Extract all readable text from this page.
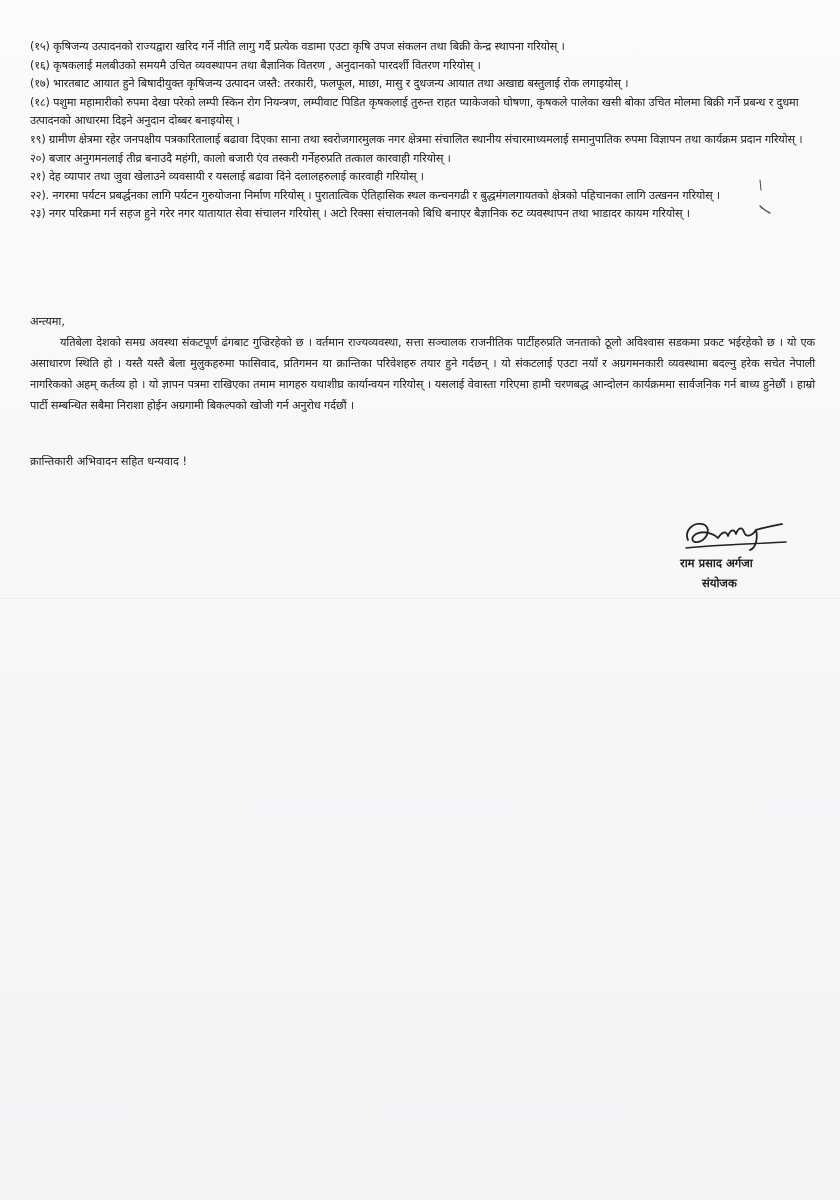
(१५) कृषिजन्य उत्पादनको राज्यद्वारा खरिद गर्ने नीति लागु गर्दै प्रत्येक वडामा एउटा कृषि उपज संकलन तथा बिक्री केन्द्र स्थापना गरियोस् ।
(१६) कृषकलाई मलबीउको समयमै उचित व्यवस्थापन तथा बैज्ञानिक वितरण , अनुदानको पारदर्शी वितरण गरियोस् ।
(१७) भारतबाट आयात हुने बिषादीयुक्त कृषिजन्य उत्पादन जस्तै: तरकारी, फलफूल, माछा, मासु र दुधजन्य आयात तथा अखाद्य बस्तुलाई रोक लगाइयोस् ।
(१८) पशुमा महामारीको रुपमा देखा परेको लम्पी स्किन रोग नियन्त्रण, लम्पीवाट पिडित कृषकलाई तुरुन्त राहत प्याकेजको घोषणा, कृषकले पालेका खसी बोका उचित मोलमा बिक्री गर्ने प्रबन्ध र दुधमा उत्पादनको आधारमा दिइने अनुदान दोब्बर बनाइयोस् ।
१९) ग्रामीण क्षेत्रमा रहेर जनपक्षीय पत्रकारितालाई बढावा दिएका साना तथा स्वरोजगारमुलक नगर क्षेत्रमा संचालित स्थानीय संचारमाध्यमलाई समानुपातिक रुपमा विज्ञापन तथा कार्यक्रम प्रदान गरियोस् ।
२०) बजार अनुगमनलाई तीव्र बनाउदै महंगी, कालो बजारी एंव तस्करी गर्नेहरुप्रति तत्काल कारवाही गरियोस् ।
२१) देह व्यापार तथा जुवा खेलाउने व्यवसायी र यसलाई बढावा दिने दलालहरुलाई कारवाही गरियोस् ।
२२). नगरमा पर्यटन प्रबर्द्धनका लागि पर्यटन गुरुयोजना निर्माण गरियोस् । पुरातात्विक ऐतिहासिक स्थल कन्चनगढी र बुद्धमंगलगायतको क्षेत्रको पहिचानका लागि उत्खनन गरियोस् ।
२३) नगर परिक्रमा गर्न सहज हुने गरेर नगर यातायात सेवा संचालन गरियोस् । अटो रिक्सा संचालनको बिधि बनाएर बैज्ञानिक रुट व्यवस्थापन तथा भाडादर कायम गरियोस् ।
अन्त्यमा,
यतिबेला देशको समग्र अवस्था संकटपूर्ण ढंगबाट गुज्रिरहेको छ । वर्तमान राज्यव्यवस्था, सत्ता सञ्चालक राजनीतिक पार्टीहरुप्रति जनताको ठूलो अविश्वास सडकमा प्रकट भईरहेको छ । यो एक असाधारण स्थिति हो । यस्तै यस्तै बेला मुलुकहरुमा फासिवाद, प्रतिगमन या क्रान्तिका परिवेशहरु तयार हुने गर्दछन् । यो संकटलाई एउटा नयाँ र अग्रगमनकारी व्यवस्थामा बदल्नु हरेक सचेत नेपाली नागरिकको अहम् कर्तव्य हो । यो ज्ञापन पत्रमा राखिएका तमाम मागहरु यथाशीघ्र कार्यान्वयन गरियोस् । यसलाई वेवास्ता गरिएमा हामी चरणबद्ध आन्दोलन कार्यक्रममा सार्वजनिक गर्न बाध्य हुनेछौं । हाम्रो पार्टी सम्बन्धित सबैमा निराशा होईन अग्रगामी बिकल्पको खोजी गर्न अनुरोध गर्दछौं ।
क्रान्तिकारी अभिवादन सहित धन्यवाद !
राम प्रसाद अर्गजा
संयोजक
